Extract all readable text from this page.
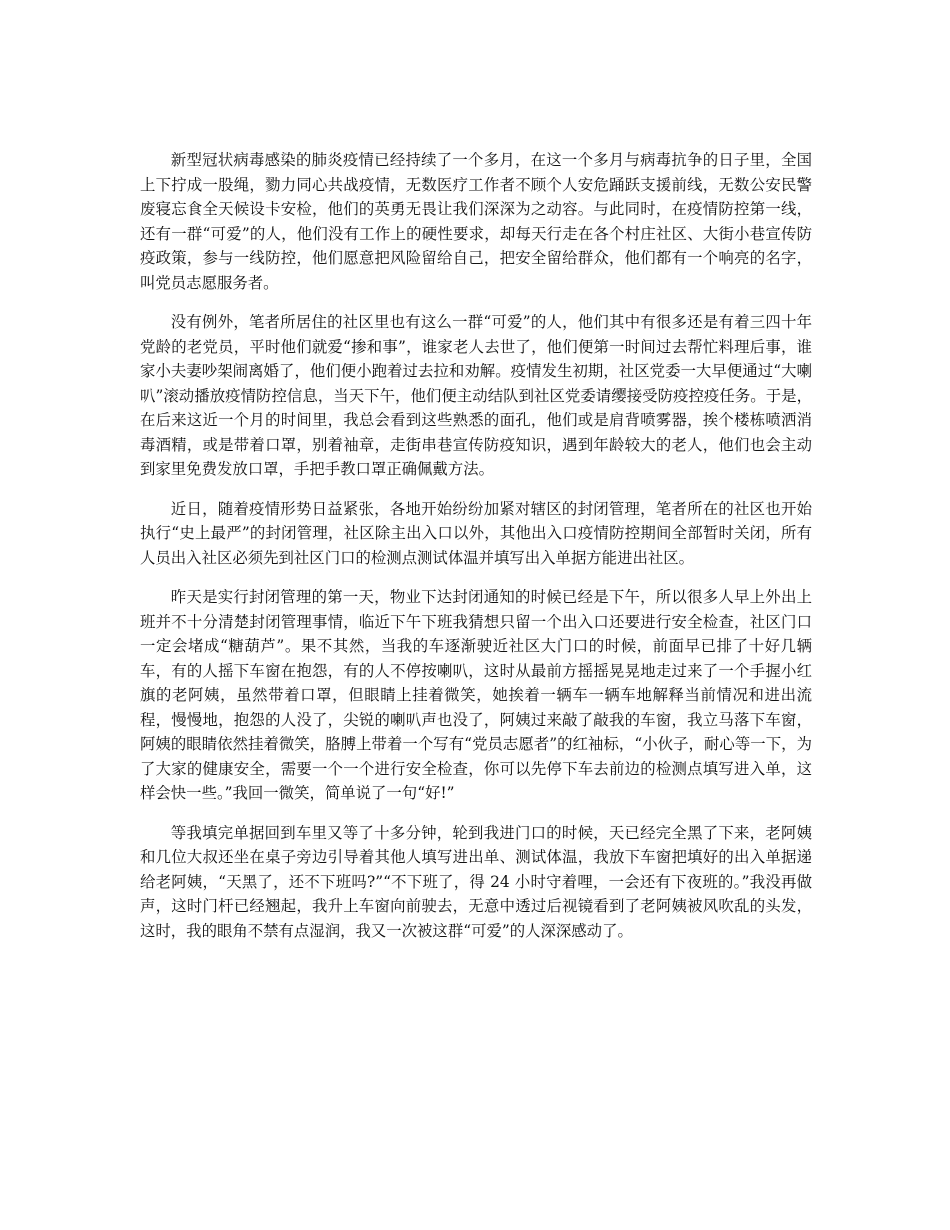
新型冠状病毒感染的肺炎疫情已经持续了一个多月，在这一个多月与病毒抗争的日子里，全国上下拧成一股绳，勠力同心共战疫情，无数医疗工作者不顾个人安危踊跃支援前线，无数公安民警废寝忘食全天候设卡安检，他们的英勇无畏让我们深深为之动容。与此同时，在疫情防控第一线，还有一群“可爱”的人，他们没有工作上的硬性要求，却每天行走在各个村庄社区、大街小巷宣传防疫政策，参与一线防控，他们愿意把风险留给自己，把安全留给群众，他们都有一个响亮的名字，叫党员志愿服务者。

没有例外，笔者所居住的社区里也有这么一群“可爱”的人，他们其中有很多还是有着三四十年党龄的老党员，平时他们就爱“掺和事”，谁家老人去世了，他们便第一时间过去帮忙料理后事，谁家小夫妻吵架闹离婚了，他们便小跑着过去拉和劝解。疫情发生初期，社区党委一大早便通过“大喇叭”滚动播放疫情防控信息，当天下午，他们便主动结队到社区党委请缨接受防疫控疫任务。于是，在后来这近一个月的时间里，我总会看到这些熟悉的面孔，他们或是肩背喷雾器，挨个楼栋喷洒消毒酒精，或是带着口罩，别着袖章，走街串巷宣传防疫知识，遇到年龄较大的老人，他们也会主动到家里免费发放口罩，手把手教口罩正确佩戴方法。

近日，随着疫情形势日益紧张，各地开始纷纷加紧对辖区的封闭管理，笔者所在的社区也开始执行“史上最严”的封闭管理，社区除主出入口以外，其他出入口疫情防控期间全部暂时关闭，所有人员出入社区必须先到社区门口的检测点测试体温并填写出入单据方能进出社区。

昨天是实行封闭管理的第一天，物业下达封闭通知的时候已经是下午，所以很多人早上外出上班并不十分清楚封闭管理事情，临近下午下班我猜想只留一个出入口还要进行安全检查，社区门口一定会堵成“糖葫芦”。果不其然，当我的车逐渐驶近社区大门口的时候，前面早已排了十好几辆车，有的人摇下车窗在抱怨，有的人不停按喇叭，这时从最前方摇摇晃晃地走过来了一个手握小红旗的老阿姨，虽然带着口罩，但眼睛上挂着微笑，她挨着一辆车一辆车地解释当前情况和进出流程，慢慢地，抱怨的人没了，尖锐的喇叭声也没了，阿姨过来敲了敲我的车窗，我立马落下车窗，阿姨的眼睛依然挂着微笑，胳膊上带着一个写有“党员志愿者”的红袖标，“小伙子，耐心等一下，为了大家的健康安全，需要一个一个进行安全检查，你可以先停下车去前边的检测点填写进入单，这样会快一些。”我回一微笑，简单说了一句“好!”

等我填完单据回到车里又等了十多分钟，轮到我进门口的时候，天已经完全黑了下来，老阿姨和几位大叔还坐在桌子旁边引导着其他人填写进出单、测试体温，我放下车窗把填好的出入单据递给老阿姨，“天黑了，还不下班吗?”“不下班了，得 24 小时守着哩，一会还有下夜班的。”我没再做声，这时门杆已经翘起，我升上车窗向前驶去，无意中透过后视镜看到了老阿姨被风吹乱的头发，这时，我的眼角不禁有点湿润，我又一次被这群“可爱”的人深深感动了。
